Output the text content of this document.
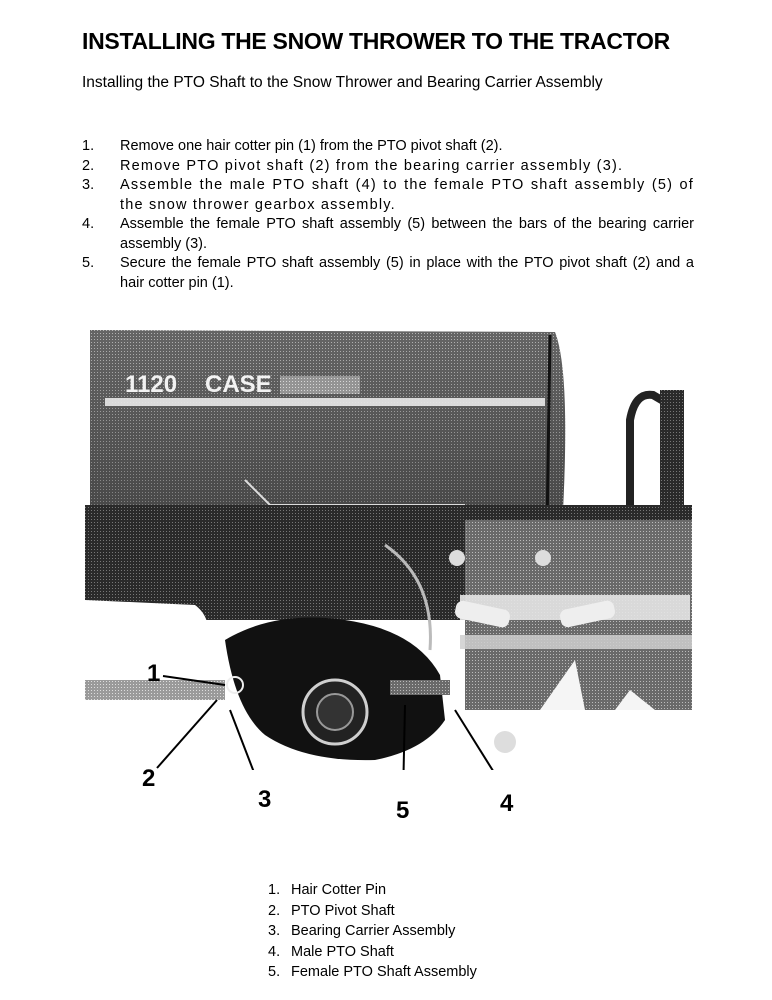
INSTALLING THE SNOW THROWER TO THE TRACTOR
Installing the PTO Shaft to the Snow Thrower and Bearing Carrier Assembly
1.	Remove one hair cotter pin (1) from the PTO pivot shaft (2).
2.	Remove PTO pivot shaft (2) from the bearing carrier assembly (3).
3.	Assemble the male PTO shaft (4) to the female PTO shaft assembly (5) of the snow thrower gearbox assembly.
4.	Assemble the female PTO shaft assembly (5) between the bars of the bearing carrier assembly (3).
5.	Secure the female PTO shaft assembly (5) in place with the PTO pivot shaft (2) and a hair cotter pin (1).
1120 CASE
1
2
3	5	4
1. Hair Cotter Pin
2. PTO Pivot Shaft
3. Bearing Carrier Assembly
4. Male PTO Shaft
5. Female PTO Shaft Assembly
